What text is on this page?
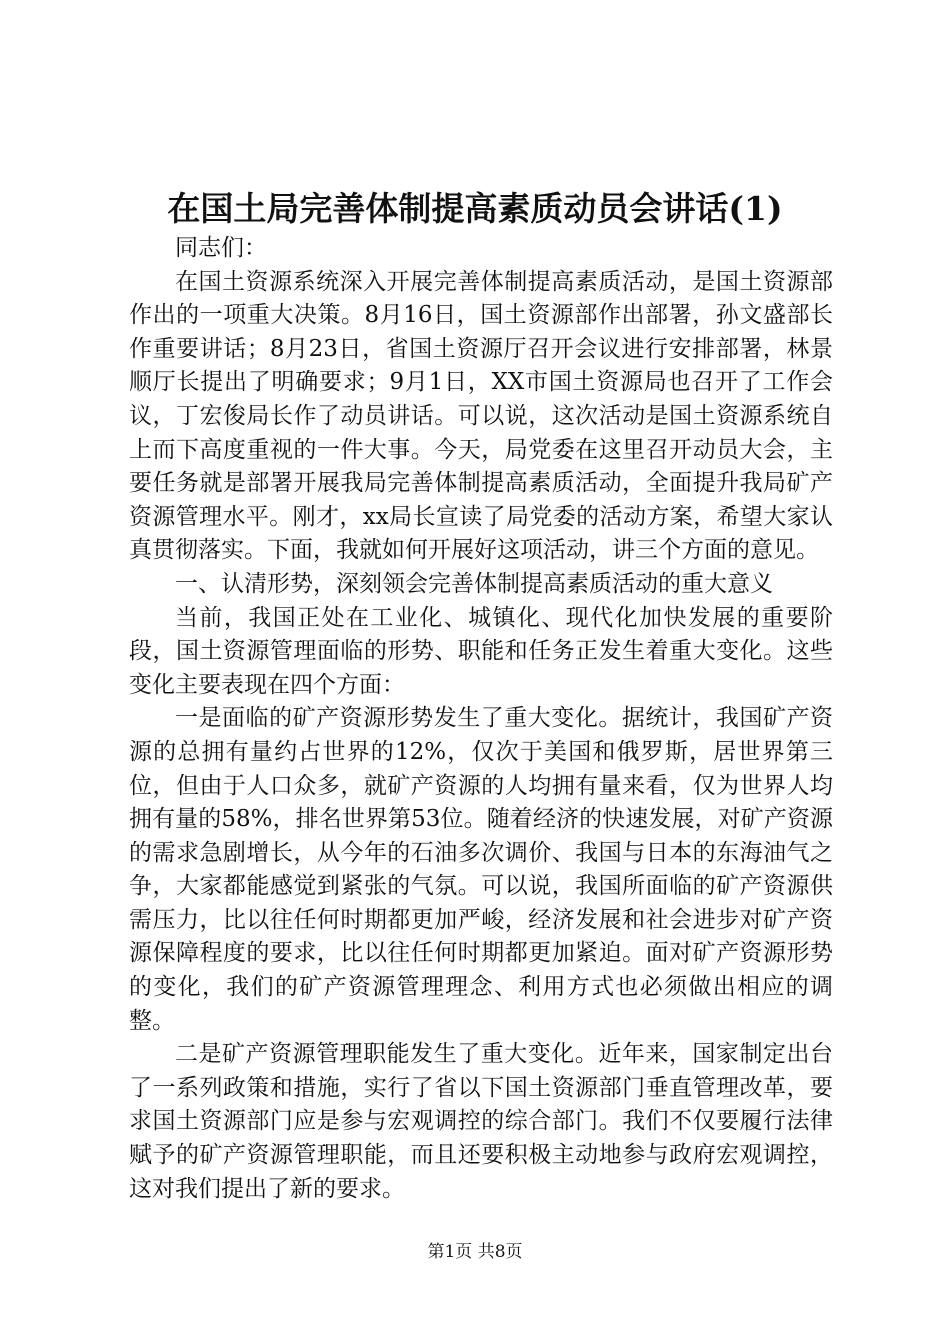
在国土局完善体制提高素质动员会讲话(1)

同志们：

在国土资源系统深入开展完善体制提高素质活动，是国土资源部作出的一项重大决策。8月16日，国土资源部作出部署，孙文盛部长作重要讲话；8月23日，省国土资源厅召开会议进行安排部署，林景顺厅长提出了明确要求；9月1日，XX市国土资源局也召开了工作会议，丁宏俊局长作了动员讲话。可以说，这次活动是国土资源系统自上而下高度重视的一件大事。今天，局党委在这里召开动员大会，主要任务就是部署开展我局完善体制提高素质活动，全面提升我局矿产资源管理水平。刚才，xx局长宣读了局党委的活动方案，希望大家认真贯彻落实。下面，我就如何开展好这项活动，讲三个方面的意见。

一、认清形势，深刻领会完善体制提高素质活动的重大意义

当前，我国正处在工业化、城镇化、现代化加快发展的重要阶段，国土资源管理面临的形势、职能和任务正发生着重大变化。这些变化主要表现在四个方面：

一是面临的矿产资源形势发生了重大变化。据统计，我国矿产资源的总拥有量约占世界的12%，仅次于美国和俄罗斯，居世界第三位，但由于人口众多，就矿产资源的人均拥有量来看，仅为世界人均拥有量的58%，排名世界第53位。随着经济的快速发展，对矿产资源的需求急剧增长，从今年的石油多次调价、我国与日本的东海油气之争，大家都能感觉到紧张的气氛。可以说，我国所面临的矿产资源供需压力，比以往任何时期都更加严峻，经济发展和社会进步对矿产资源保障程度的要求，比以往任何时期都更加紧迫。面对矿产资源形势的变化，我们的矿产资源管理理念、利用方式也必须做出相应的调整。

二是矿产资源管理职能发生了重大变化。近年来，国家制定出台了一系列政策和措施，实行了省以下国土资源部门垂直管理改革，要求国土资源部门应是参与宏观调控的综合部门。我们不仅要履行法律赋予的矿产资源管理职能，而且还要积极主动地参与政府宏观调控，这对我们提出了新的要求。

第1页 共8页
